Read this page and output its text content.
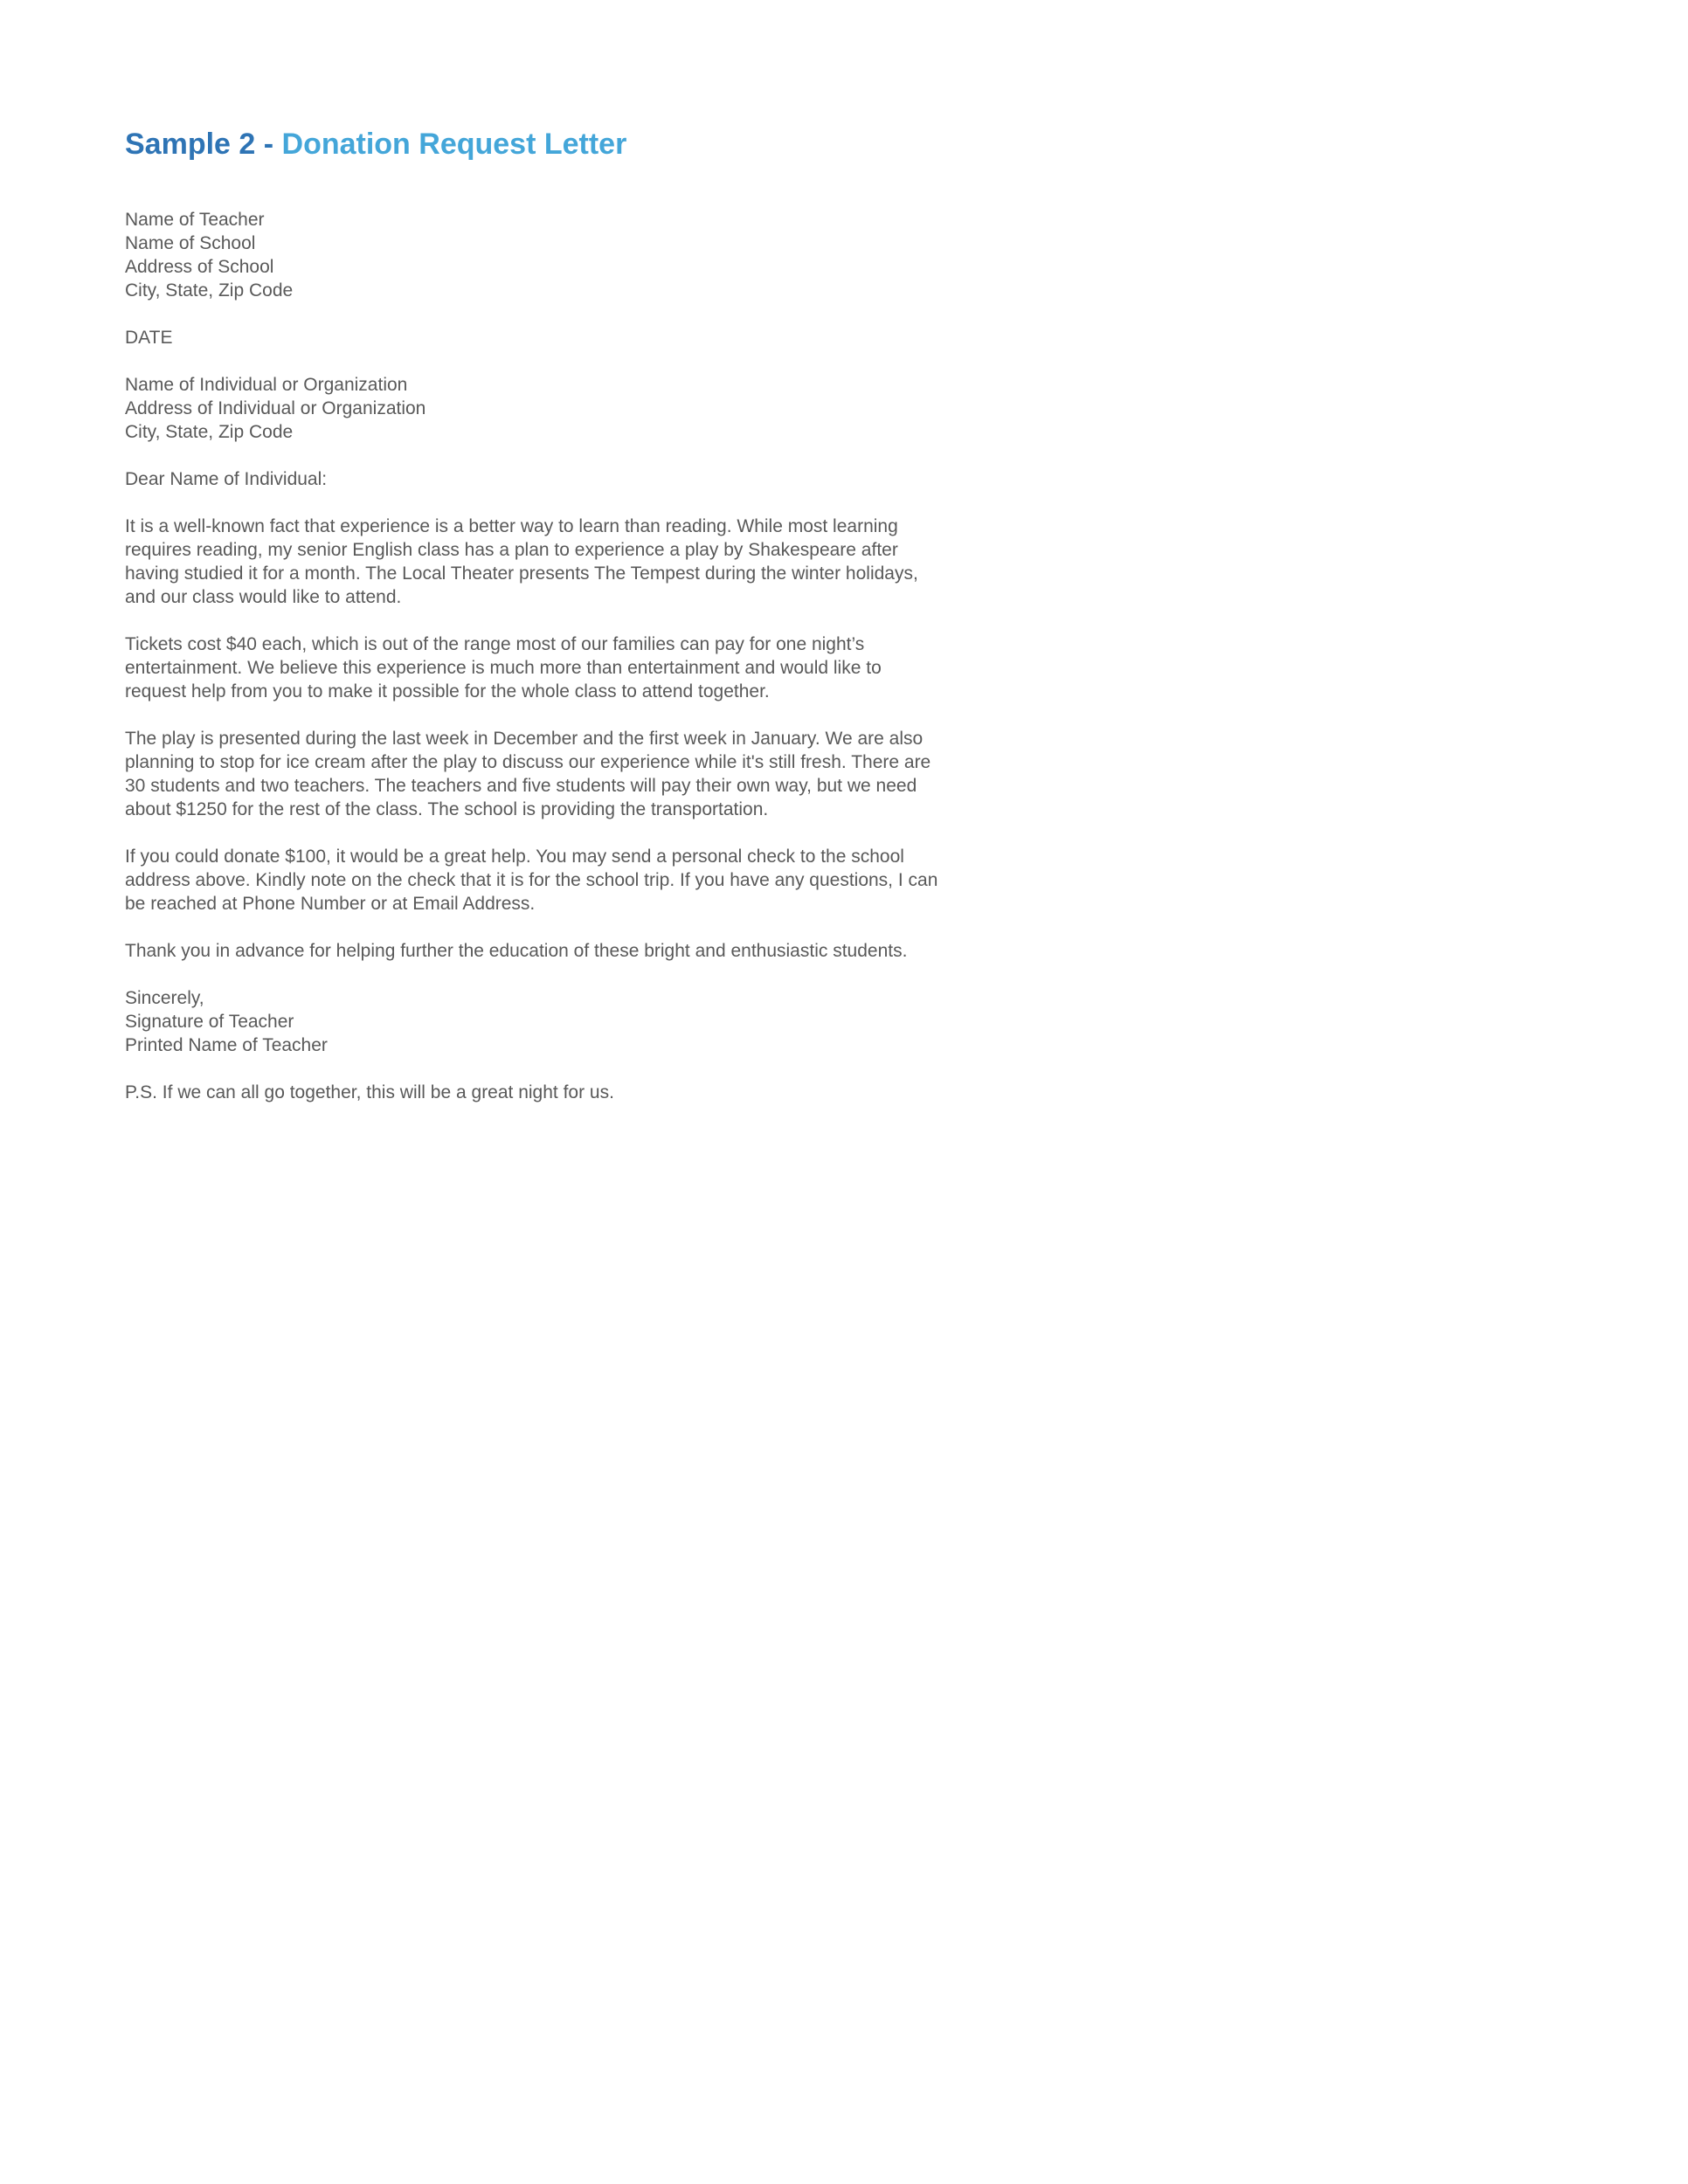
Sample 2 - Donation Request Letter
Name of Teacher
Name of School
Address of School
City, State, Zip Code
DATE
Name of Individual or Organization
Address of Individual or Organization
City, State, Zip Code
Dear Name of Individual:

It is a well-known fact that experience is a better way to learn than reading. While most learning requires reading, my senior English class has a plan to experience a play by Shakespeare after having studied it for a month. The Local Theater presents The Tempest during the winter holidays, and our class would like to attend.

Tickets cost $40 each, which is out of the range most of our families can pay for one night’s entertainment. We believe this experience is much more than entertainment and would like to request help from you to make it possible for the whole class to attend together.

The play is presented during the last week in December and the first week in January. We are also planning to stop for ice cream after the play to discuss our experience while it's still fresh. There are 30 students and two teachers. The teachers and five students will pay their own way, but we need about $1250 for the rest of the class. The school is providing the transportation.

If you could donate $100, it would be a great help. You may send a personal check to the school address above. Kindly note on the check that it is for the school trip. If you have any questions, I can be reached at Phone Number or at Email Address.

Thank you in advance for helping further the education of these bright and enthusiastic students.

Sincerely,
Signature of Teacher
Printed Name of Teacher
P.S. If we can all go together, this will be a great night for us.
